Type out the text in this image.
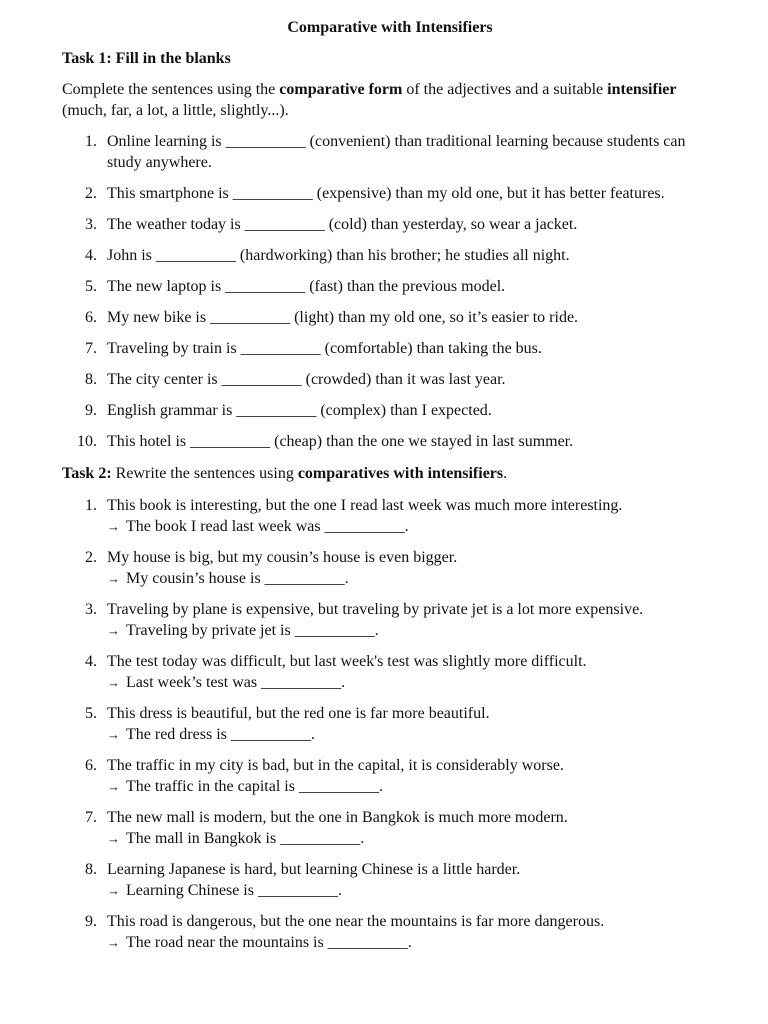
Comparative with Intensifiers
Task 1: Fill in the blanks
Complete the sentences using the comparative form of the adjectives and a suitable intensifier (much, far, a lot, a little, slightly...).
1. Online learning is __________ (convenient) than traditional learning because students can study anywhere.
2. This smartphone is __________ (expensive) than my old one, but it has better features.
3. The weather today is __________ (cold) than yesterday, so wear a jacket.
4. John is __________ (hardworking) than his brother; he studies all night.
5. The new laptop is __________ (fast) than the previous model.
6. My new bike is __________ (light) than my old one, so it’s easier to ride.
7. Traveling by train is __________ (comfortable) than taking the bus.
8. The city center is __________ (crowded) than it was last year.
9. English grammar is __________ (complex) than I expected.
10. This hotel is __________ (cheap) than the one we stayed in last summer.
Task 2: Rewrite the sentences using comparatives with intensifiers.
1. This book is interesting, but the one I read last week was much more interesting.
→ The book I read last week was __________.
2. My house is big, but my cousin’s house is even bigger.
→ My cousin’s house is __________.
3. Traveling by plane is expensive, but traveling by private jet is a lot more expensive.
→ Traveling by private jet is __________.
4. The test today was difficult, but last week's test was slightly more difficult.
→ Last week’s test was __________.
5. This dress is beautiful, but the red one is far more beautiful.
→ The red dress is __________.
6. The traffic in my city is bad, but in the capital, it is considerably worse.
→ The traffic in the capital is __________.
7. The new mall is modern, but the one in Bangkok is much more modern.
→ The mall in Bangkok is __________.
8. Learning Japanese is hard, but learning Chinese is a little harder.
→ Learning Chinese is __________.
9. This road is dangerous, but the one near the mountains is far more dangerous.
→ The road near the mountains is __________.
